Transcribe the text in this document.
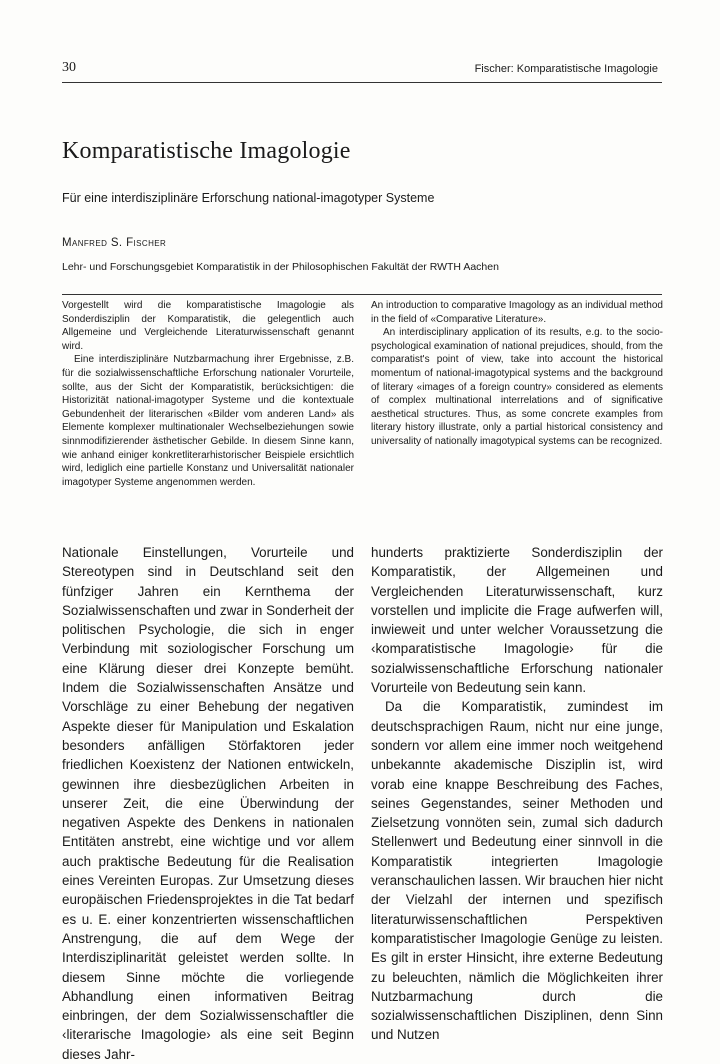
30	Fischer: Komparatistische Imagologie
Komparatistische Imagologie
Für eine interdisziplinäre Erforschung national-imagotyper Systeme
Manfred S. Fischer
Lehr- und Forschungsgebiet Komparatistik in der Philosophischen Fakultät der RWTH Aachen

Vorgestellt wird die komparatistische Imagologie als Sonderdisziplin der Komparatistik, die gelegentlich auch Allgemeine und Vergleichende Literaturwissenschaft genannt wird.

Eine interdisziplinäre Nutzbarmachung ihrer Ergebnisse, z.B. für die sozialwissenschaftliche Erforschung nationaler Vorurteile, sollte, aus der Sicht der Komparatistik, berücksichtigen: die Historizität national-imagotyper Systeme und die kontextuale Gebundenheit der literarischen «Bilder vom anderen Land» als Elemente komplexer multinationaler Wechselbeziehungen sowie sinnmodifizierender ästhetischer Gebilde. In diesem Sinne kann, wie anhand einiger konkretliterarhistorischer Beispiele ersichtlich wird, lediglich eine partielle Konstanz und Universalität nationaler imagotyper Systeme angenommen werden.

An introduction to comparative Imagology as an individual method in the field of «Comparative Literature».

An interdisciplinary application of its results, e.g. to the socio-psychological examination of national prejudices, should, from the comparatist's point of view, take into account the historical momentum of national-imagotypical systems and the background of literary «images of a foreign country» considered as elements of complex multinational interrelations and of significative aesthetical structures. Thus, as some concrete examples from literary history illustrate, only a partial historical consistency and universality of nationally imagotypical systems can be recognized.

Nationale Einstellungen, Vorurteile und Stereotypen sind in Deutschland seit den fünfziger Jahren ein Kernthema der Sozialwissenschaften und zwar in Sonderheit der politischen Psychologie, die sich in enger Verbindung mit soziologischer Forschung um eine Klärung dieser drei Konzepte bemüht. Indem die Sozialwissenschaften Ansätze und Vorschläge zu einer Behebung der negativen Aspekte dieser für Manipulation und Eskalation besonders anfälligen Störfaktoren jeder friedlichen Koexistenz der Nationen entwickeln, gewinnen ihre diesbezüglichen Arbeiten in unserer Zeit, die eine Überwindung der negativen Aspekte des Denkens in nationalen Entitäten anstrebt, eine wichtige und vor allem auch praktische Bedeutung für die Realisation eines Vereinten Europas. Zur Umsetzung dieses europäischen Friedensprojektes in die Tat bedarf es u. E. einer konzentrierten wissenschaftlichen Anstrengung, die auf dem Wege der Interdisziplinarität geleistet werden sollte. In diesem Sinne möchte die vorliegende Abhandlung einen informativen Beitrag einbringen, der dem Sozialwissenschaftler die ‹literarische Imagologie› als eine seit Beginn dieses Jahr-

hunderts praktizierte Sonderdisziplin der Komparatistik, der Allgemeinen und Vergleichenden Literaturwissenschaft, kurz vorstellen und implicite die Frage aufwerfen will, inwieweit und unter welcher Voraussetzung die ‹komparatistische Imagologie› für die sozialwissenschaftliche Erforschung nationaler Vorurteile von Bedeutung sein kann.

Da die Komparatistik, zumindest im deutschsprachigen Raum, nicht nur eine junge, sondern vor allem eine immer noch weitgehend unbekannte akademische Disziplin ist, wird vorab eine knappe Beschreibung des Faches, seines Gegenstandes, seiner Methoden und Zielsetzung vonnöten sein, zumal sich dadurch Stellenwert und Bedeutung einer sinnvoll in die Komparatistik integrierten Imagologie veranschaulichen lassen. Wir brauchen hier nicht der Vielzahl der internen und spezifisch literaturwissenschaftlichen Perspektiven komparatistischer Imagologie Genüge zu leisten. Es gilt in erster Hinsicht, ihre externe Bedeutung zu beleuchten, nämlich die Möglichkeiten ihrer Nutzbarmachung durch die sozialwissenschaftlichen Disziplinen, denn Sinn und Nutzen
